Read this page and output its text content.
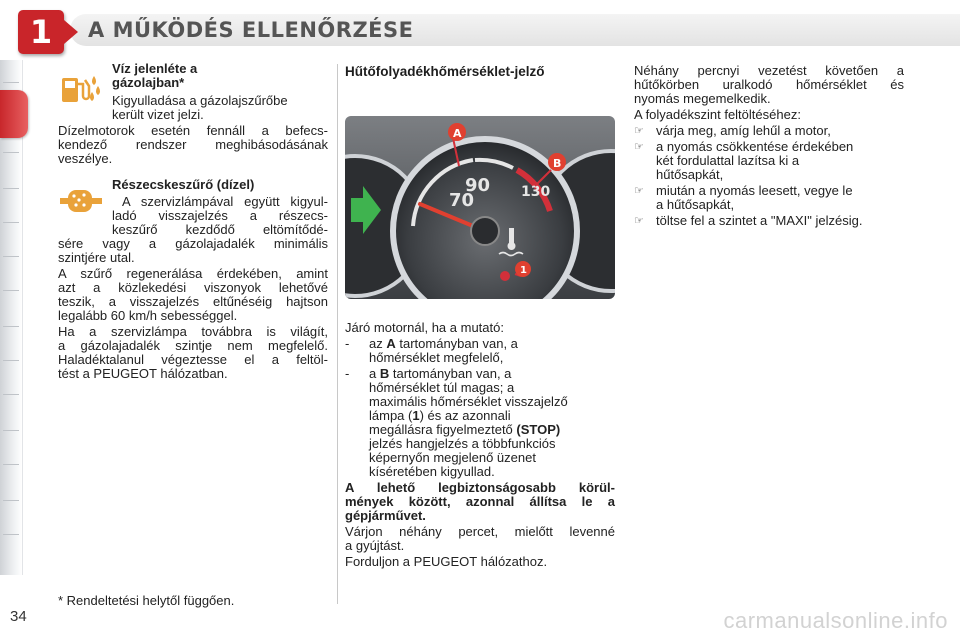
1	A MŰKÖDÉS ELLENŐRZÉSE
Víz jelenléte a
gázolajban*
Kigyulladása a gázolajszűrőbe
került vizet jelzi.
Dízelmotorok esetén fennáll a befecs-
kendező rendszer meghibásodásának
veszélye.
Részecskeszűrő (dízel)
A szervizlámpával együtt kigyul-
ladó visszajelzés a részecs-
keszűrő kezdődő eltömítődé-
sére vagy a gázolajadalék minimális
szintjére utal.
A szűrő regenerálása érdekében, amint
azt a közlekedési viszonyok lehetővé
teszik, a visszajelzés eltűnéséig hajtson
legalább 60 km/h sebességgel.
Ha a szervizlámpa továbbra is világít,
a gázolajadalék szintje nem megfelelő.
Haladéktalanul végeztesse el a feltöl-
tést a PEUGEOT hálózatban.
* Rendeltetési helytől függően.
Hűtőfolyadékhőmérséklet-jelző
70
90 130
A
B
1
Járó motornál, ha a mutató:
- az A tartományban van, a
hőmérséklet megfelelő,
- a B tartományban van, a
hőmérséklet túl magas; a
maximális hőmérséklet visszajelző
lámpa (1) és az azonnali
megállásra figyelmeztető (STOP)
jelzés hangjelzés a többfunkciós
képernyőn megjelenő üzenet
kíséretében kigyullad.
A lehető legbiztonságosabb körül-
mények között, azonnal állítsa le a
gépjárművet.
Várjon néhány percet, mielőtt levenné
a gyújtást.
Forduljon a PEUGEOT hálózathoz.
Néhány percnyi vezetést követően a
hűtőkörben uralkodó hőmérséklet és
nyomás megemelkedik.
A folyadékszint feltöltéséhez:
☞ várja meg, amíg lehűl a motor,
☞ a nyomás csökkentése érdekében
két fordulattal lazítsa ki a
hűtősapkát,
☞ miután a nyomás leesett, vegye le
a hűtősapkát,
☞ töltse fel a szintet a "MAXI" jelzésig.
34	carmanualsonline.info
